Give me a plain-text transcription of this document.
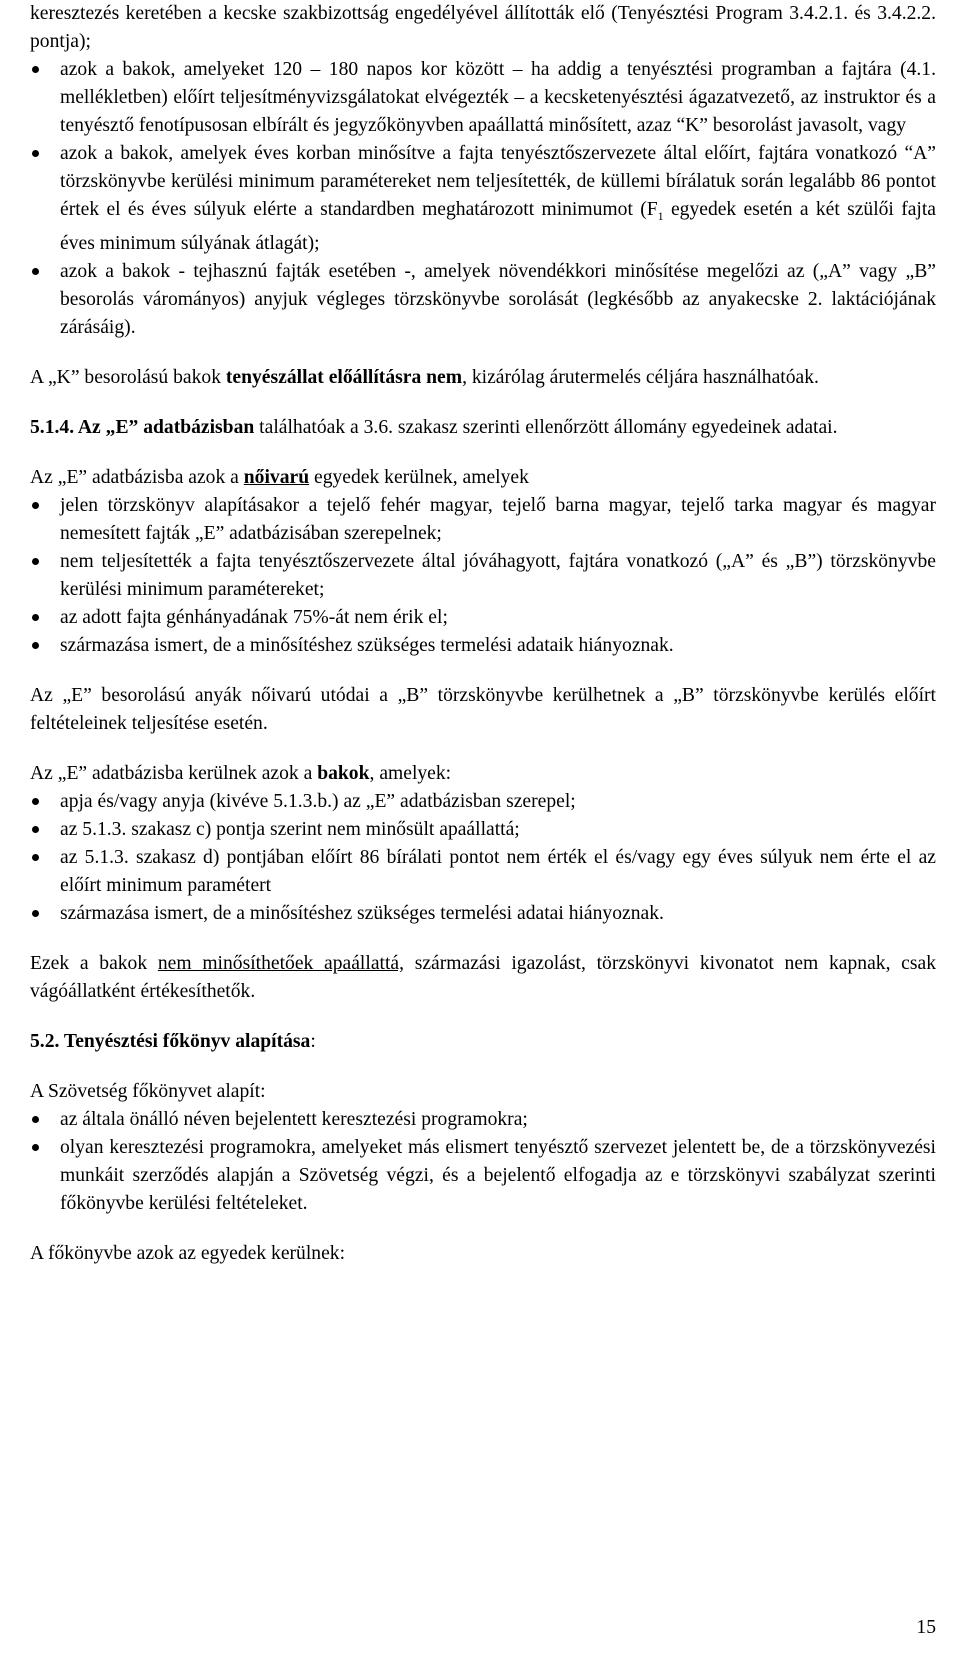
keresztezés keretében a kecske szakbizottság engedélyével állították elő (Tenyésztési Program 3.4.2.1. és 3.4.2.2. pontja);

azok a bakok, amelyeket 120 – 180 napos kor között – ha addig a tenyésztési programban a fajtára (4.1. mellékletben) előírt teljesítményvizsgálatokat elvégezték – a kecsketenyésztési ágazatvezető, az instruktor és a tenyésztő fenotípusosan elbírált és jegyzőkönyvben apaállattá minősített, azaz “K” besorolást javasolt, vagy
azok a bakok, amelyek éves korban minősítve a fajta tenyésztőszervezete által előírt, fajtára vonatkozó “A” törzskönyvbe kerülési minimum paramétereket nem teljesítették, de küllemi bírálatuk során legalább 86 pontot értek el és éves súlyuk elérte a standardben meghatározott minimumot ($F_1$ egyedek esetén a két szülői fajta éves minimum súlyának átlagát);
azok a bakok - tejhasznú fajták esetében -, amelyek növendékkori minősítése megelőzi az („A” vagy „B” besorolás várományos) anyjuk végleges törzskönyvbe sorolását (legkésőbb az anyakecske 2. laktációjának zárásáig).

A „K” besorolású bakok tenyészállat előállításra nem, kizárólag árutermelés céljára használhatóak.

5.1.4. Az „E” adatbázisban találhatóak a 3.6. szakasz szerinti ellenőrzött állomány egyedeinek adatai.

Az „E” adatbázisba azok a nőivarú egyedek kerülnek, amelyek

jelen törzskönyv alapításakor a tejelő fehér magyar, tejelő barna magyar, tejelő tarka magyar és magyar nemesített fajták „E” adatbázisában szerepelnek;
nem teljesítették a fajta tenyésztőszervezete által jóváhagyott, fajtára vonatkozó („A” és „B”) törzskönyvbe kerülési minimum paramétereket;
az adott fajta génhányadának 75%-át nem érik el;
származása ismert, de a minősítéshez szükséges termelési adataik hiányoznak.

Az „E” besorolású anyák nőivarú utódai a „B” törzskönyvbe kerülhetnek a „B” törzskönyvbe kerülés előírt feltételeinek teljesítése esetén.

Az „E” adatbázisba kerülnek azok a bakok, amelyek:

apja és/vagy anyja (kivéve 5.1.3.b.) az „E” adatbázisban szerepel;
az 5.1.3. szakasz c) pontja szerint nem minősült apaállattá;
az 5.1.3. szakasz d) pontjában előírt 86 bírálati pontot nem érték el és/vagy egy éves súlyuk nem érte el az előírt minimum paramétert
származása ismert, de a minősítéshez szükséges termelési adatai hiányoznak.

Ezek a bakok nem minősíthetőek apaállattá, származási igazolást, törzskönyvi kivonatot nem kapnak, csak vágóállatként értékesíthetők.

5.2. Tenyésztési főkönyv alapítása:

A Szövetség főkönyvet alapít:

az általa önálló néven bejelentett keresztezési programokra;
olyan keresztezési programokra, amelyeket más elismert tenyésztő szervezet jelentett be, de a törzskönyvezési munkáit szerződés alapján a Szövetség végzi, és a bejelentő elfogadja az e törzskönyvi szabályzat szerinti főkönyvbe kerülési feltételeket.

A főkönyvbe azok az egyedek kerülnek:

15
